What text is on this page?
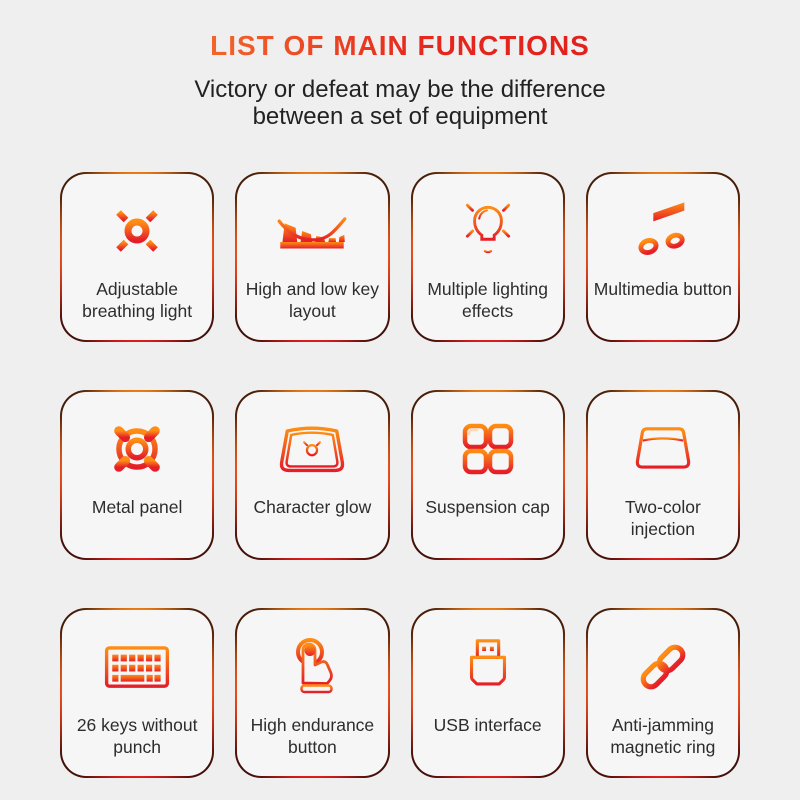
LIST OF MAIN FUNCTIONS
Victory or defeat may be the difference
between a set of equipment
Adjustable breathing light
High and low key layout
Multiple lighting effects
Multimedia button
Metal panel	Character glow	Suspension cap	Two-color injection
26 keys without punch
High endurance button
USB interface	Anti-jamming magnetic ring
